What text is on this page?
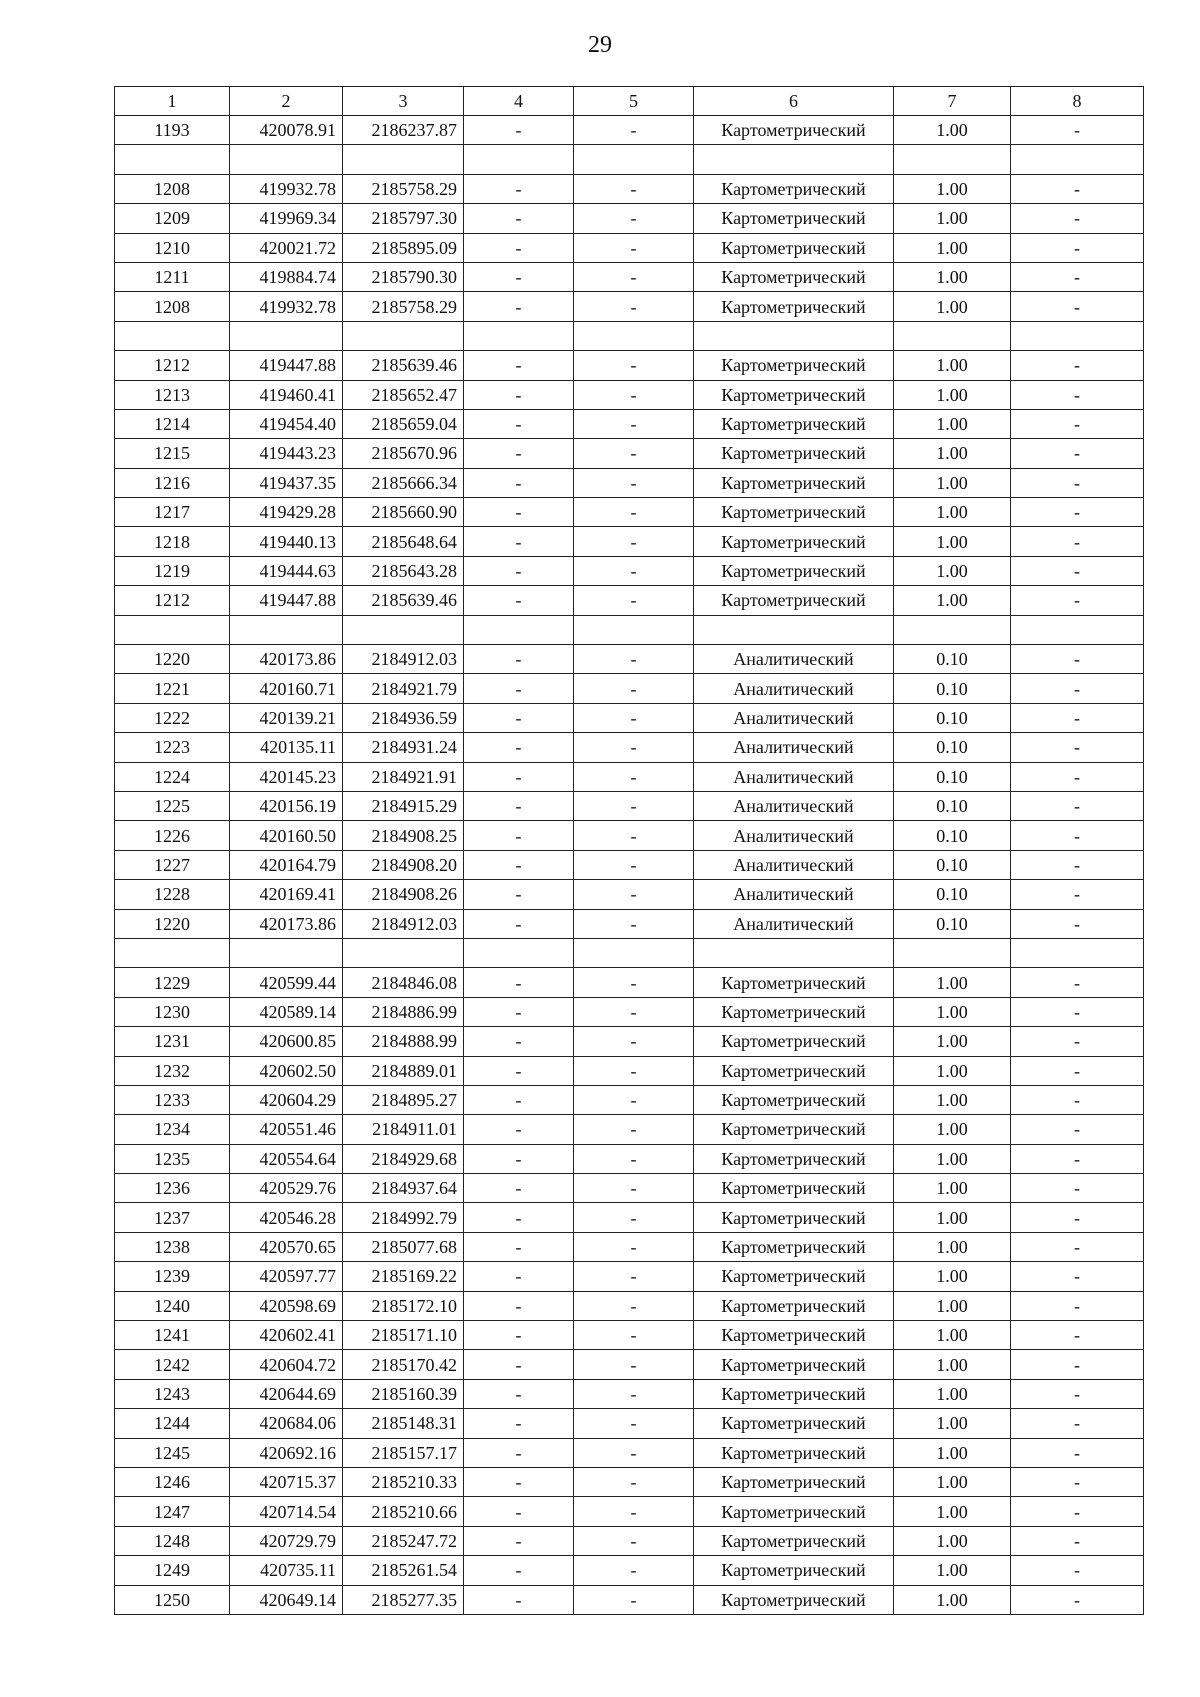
29
1	2	3	4	5	6	7	8
1193	420078.91	2186237.87	-	-	Картометрический	1.00	-

1208	419932.78	2185758.29	-	-	Картометрический	1.00	-
1209	419969.34	2185797.30	-	-	Картометрический	1.00	-
1210	420021.72	2185895.09	-	-	Картометрический	1.00	-
1211	419884.74	2185790.30	-	-	Картометрический	1.00	-
1208	419932.78	2185758.29	-	-	Картометрический	1.00	-

1212	419447.88	2185639.46	-	-	Картометрический	1.00	-
1213	419460.41	2185652.47	-	-	Картометрический	1.00	-
1214	419454.40	2185659.04	-	-	Картометрический	1.00	-
1215	419443.23	2185670.96	-	-	Картометрический	1.00	-
1216	419437.35	2185666.34	-	-	Картометрический	1.00	-
1217	419429.28	2185660.90	-	-	Картометрический	1.00	-
1218	419440.13	2185648.64	-	-	Картометрический	1.00	-
1219	419444.63	2185643.28	-	-	Картометрический	1.00	-
1212	419447.88	2185639.46	-	-	Картометрический	1.00	-

1220	420173.86	2184912.03	-	-	Аналитический	0.10	-
1221	420160.71	2184921.79	-	-	Аналитический	0.10	-
1222	420139.21	2184936.59	-	-	Аналитический	0.10	-
1223	420135.11	2184931.24	-	-	Аналитический	0.10	-
1224	420145.23	2184921.91	-	-	Аналитический	0.10	-
1225	420156.19	2184915.29	-	-	Аналитический	0.10	-
1226	420160.50	2184908.25	-	-	Аналитический	0.10	-
1227	420164.79	2184908.20	-	-	Аналитический	0.10	-
1228	420169.41	2184908.26	-	-	Аналитический	0.10	-
1220	420173.86	2184912.03	-	-	Аналитический	0.10	-

1229	420599.44	2184846.08	-	-	Картометрический	1.00	-
1230	420589.14	2184886.99	-	-	Картометрический	1.00	-
1231	420600.85	2184888.99	-	-	Картометрический	1.00	-
1232	420602.50	2184889.01	-	-	Картометрический	1.00	-
1233	420604.29	2184895.27	-	-	Картометрический	1.00	-
1234	420551.46	2184911.01	-	-	Картометрический	1.00	-
1235	420554.64	2184929.68	-	-	Картометрический	1.00	-
1236	420529.76	2184937.64	-	-	Картометрический	1.00	-
1237	420546.28	2184992.79	-	-	Картометрический	1.00	-
1238	420570.65	2185077.68	-	-	Картометрический	1.00	-
1239	420597.77	2185169.22	-	-	Картометрический	1.00	-
1240	420598.69	2185172.10	-	-	Картометрический	1.00	-
1241	420602.41	2185171.10	-	-	Картометрический	1.00	-
1242	420604.72	2185170.42	-	-	Картометрический	1.00	-
1243	420644.69	2185160.39	-	-	Картометрический	1.00	-
1244	420684.06	2185148.31	-	-	Картометрический	1.00	-
1245	420692.16	2185157.17	-	-	Картометрический	1.00	-
1246	420715.37	2185210.33	-	-	Картометрический	1.00	-
1247	420714.54	2185210.66	-	-	Картометрический	1.00	-
1248	420729.79	2185247.72	-	-	Картометрический	1.00	-
1249	420735.11	2185261.54	-	-	Картометрический	1.00	-
1250	420649.14	2185277.35	-	-	Картометрический	1.00	-
